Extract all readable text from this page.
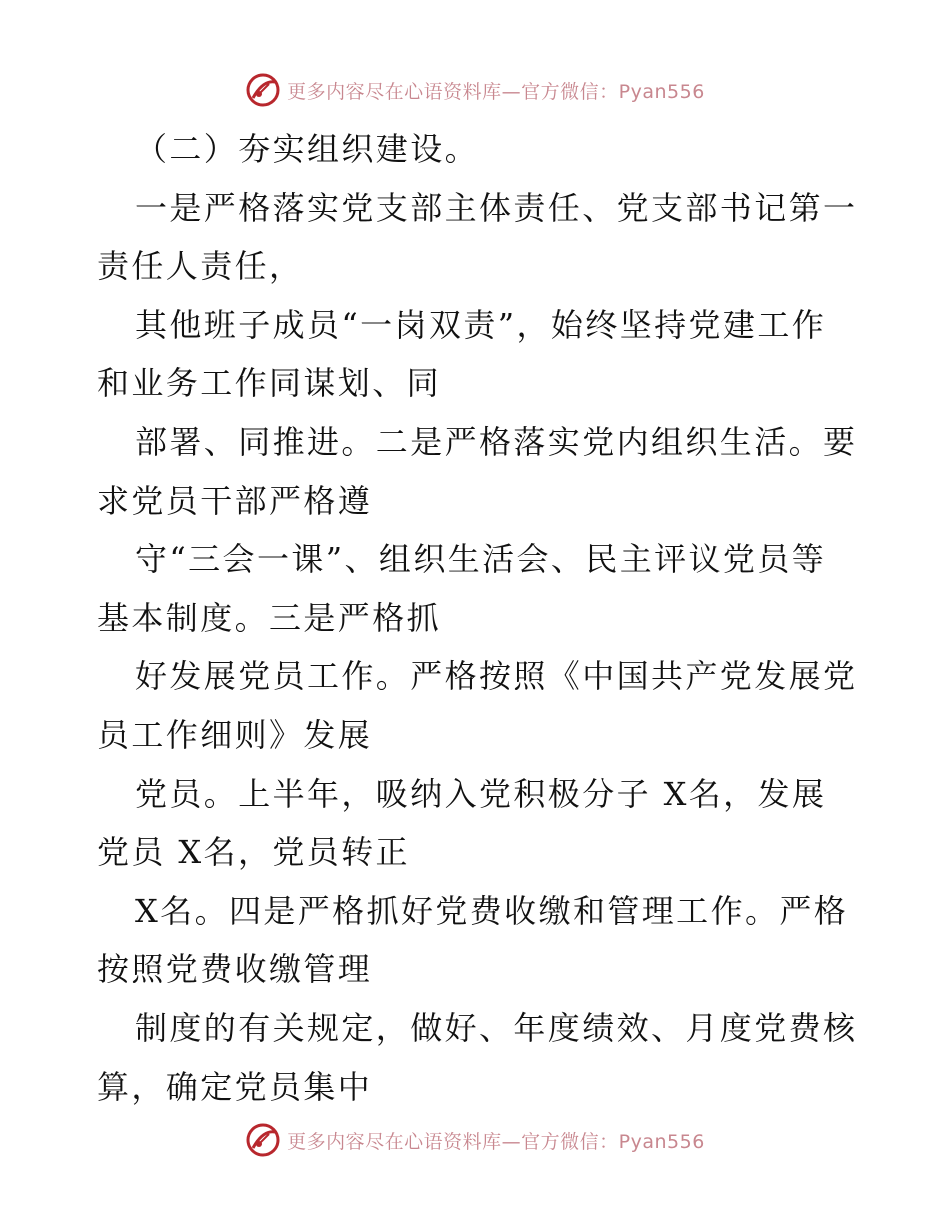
更多内容尽在心语资料库—官方微信：Pyan556

（二）夯实组织建设。

一是严格落实党支部主体责任、党支部书记第一

责任人责任，

其他班子成员“一岗双责”，始终坚持党建工作

和业务工作同谋划、同

部署、同推进。二是严格落实党内组织生活。要

求党员干部严格遵

守“三会一课”、组织生活会、民主评议党员等

基本制度。三是严格抓

好发展党员工作。严格按照《中国共产党发展党

员工作细则》发展

党员。上半年，吸纳入党积极分子 X名，发展

党员 X名，党员转正

X名。四是严格抓好党费收缴和管理工作。严格

按照党费收缴管理

制度的有关规定，做好、年度绩效、月度党费核

算，确定党员集中

更多内容尽在心语资料库—官方微信：Pyan556
